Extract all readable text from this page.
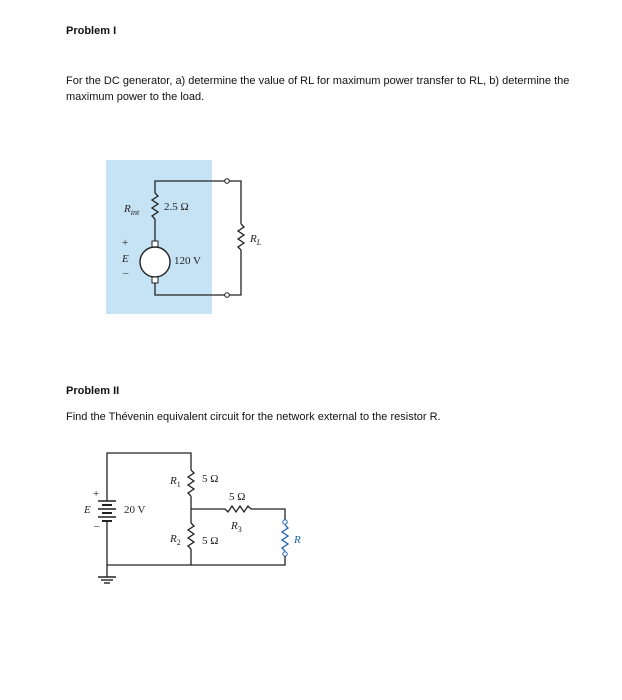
Problem I
For the DC generator, a) determine the value of RL for maximum power transfer to RL, b) determine the
maximum power to the load.
$R_{int}$ 2.5 Ω
+
E
–
120 V
$R_L$
Problem II
Find the Thévenin equivalent circuit for the network external to the resistor R.
+
E
–
20 V
$R_1$ 5 Ω
5 Ω
$R_3$
$R_2$ 5 Ω	R
